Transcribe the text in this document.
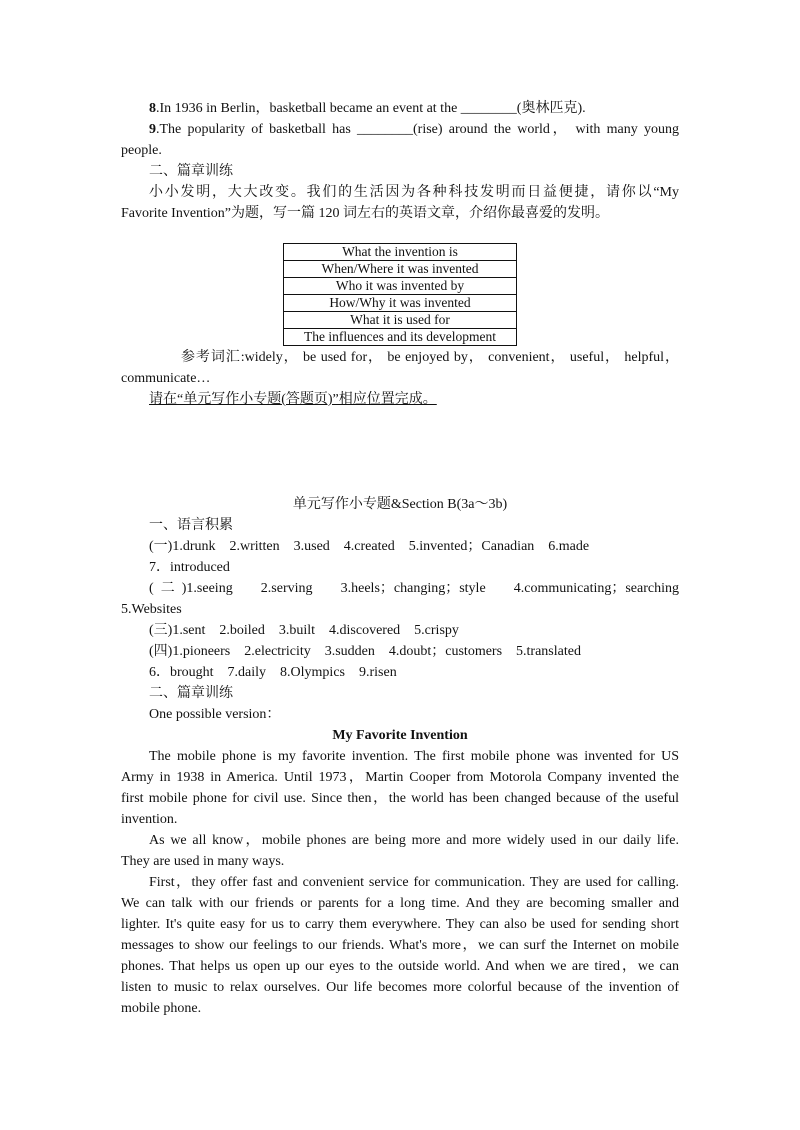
8.In 1936 in Berlin，basketball became an event at the ________(奥林匹克).
9.The popularity of basketball has ________(rise) around the world， with many young
people.
二、篇章训练
小小发明，大大改变。我们的生活因为各种科技发明而日益便捷，请你以“My
Favorite Invention”为题，写一篇 120 词左右的英语文章，介绍你最喜爱的发明。
What the invention is
When/Where it was invented
Who it was invented by
How/Why it was invented
What it is used for
The influences and its development
参考词汇:widely， be used for， be enjoyed by， convenient， useful， helpful，
communicate…
请在“单元写作小专题(答题页)”相应位置完成。
单元写作小专题&Section B(3a～3b)
一、语言积累
(一)1.drunk　2.written　3.used　4.created　5.invented；Canadian　6.made
7．introduced
(二)1.seeing　2.serving　3.heels；changing；style　4.communicating；searching
5.Websites
(三)1.sent　2.boiled　3.built　4.discovered　5.crispy
(四)1.pioneers　2.electricity　3.sudden　4.doubt；customers　5.translated
6．brought　7.daily　8.Olympics　9.risen
二、篇章训练
One possible version：
My Favorite Invention
The mobile phone is my favorite invention. The first mobile phone was invented for US
Army in 1938 in America. Until 1973，Martin Cooper from Motorola Company invented the
first mobile phone for civil use. Since then，the world has been changed because of the useful
invention.
As we all know，mobile phones are being more and more widely used in our daily life.
They are used in many ways.
First，they offer fast and convenient service for communication. They are used for calling.
We can talk with our friends or parents for a long time. And they are becoming smaller and
lighter. It's quite easy for us to carry them everywhere. They can also be used for sending short
messages to show our feelings to our friends. What's more，we can surf the Internet on mobile
phones. That helps us open up our eyes to the outside world. And when we are tired，we can
listen to music to relax ourselves. Our life becomes more colorful because of the invention of
mobile phone.
